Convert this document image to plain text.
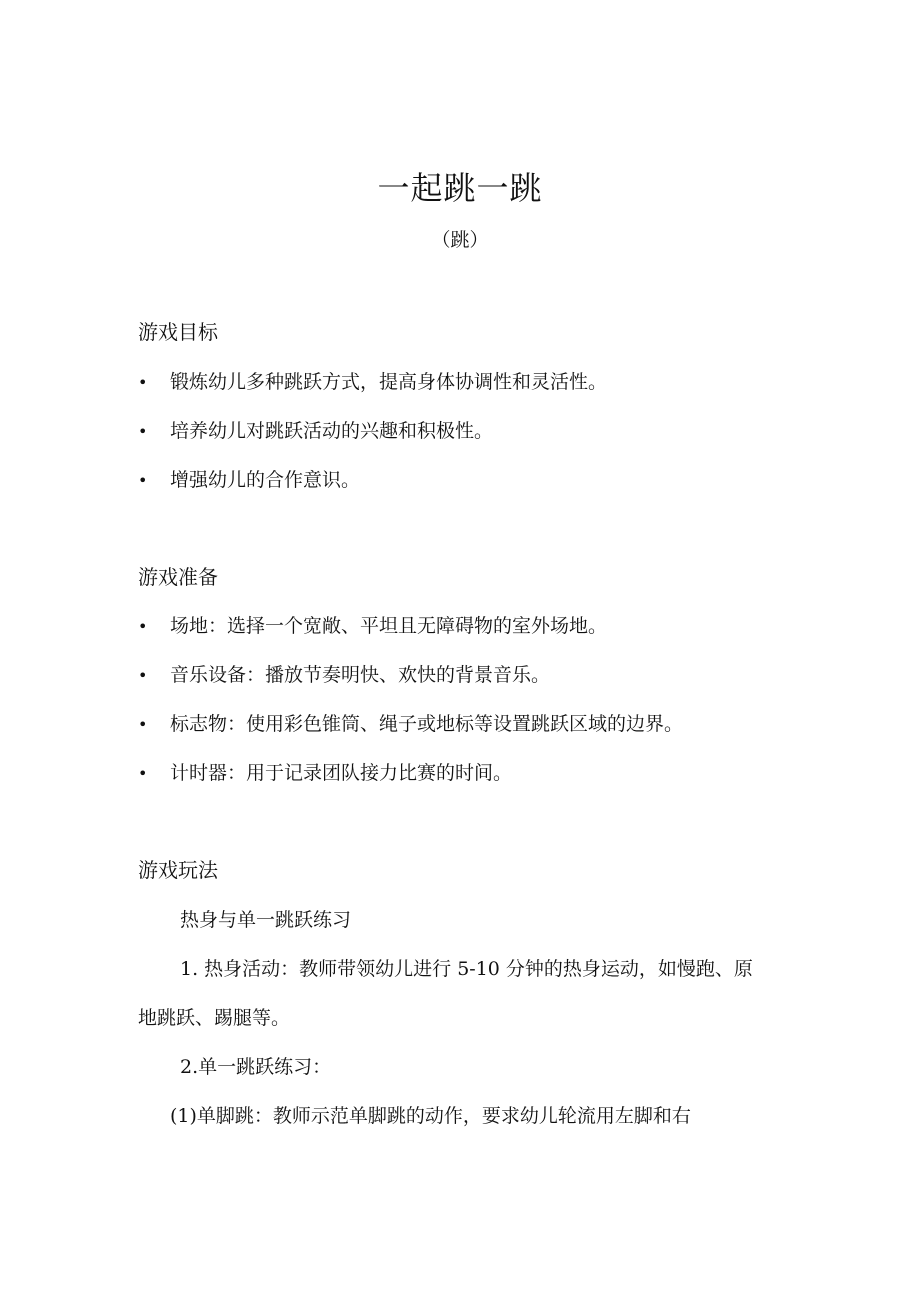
一起跳一跳
（跳）
游戏目标
• 锻炼幼儿多种跳跃方式，提高身体协调性和灵活性。
• 培养幼儿对跳跃活动的兴趣和积极性。
• 增强幼儿的合作意识。
游戏准备
• 场地：选择一个宽敞、平坦且无障碍物的室外场地。
• 音乐设备：播放节奏明快、欢快的背景音乐。
• 标志物：使用彩色锥筒、绳子或地标等设置跳跃区域的边界。
• 计时器：用于记录团队接力比赛的时间。
游戏玩法
热身与单一跳跃练习
1. 热身活动：教师带领幼儿进行 5-10 分钟的热身运动，如慢跑、原
地跳跃、踢腿等。
2.单一跳跃练习：
(1)单脚跳：教师示范单脚跳的动作，要求幼儿轮流用左脚和右
